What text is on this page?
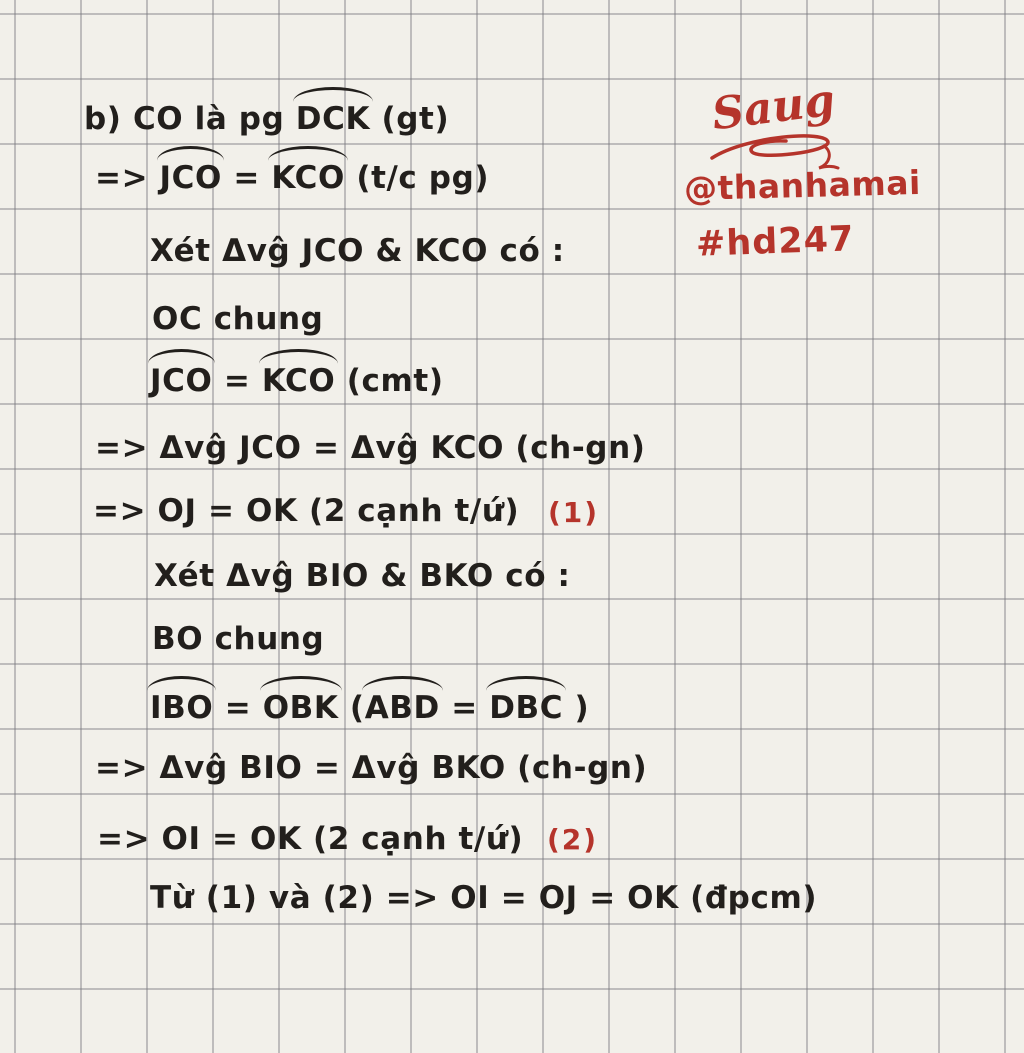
b) CO là pg DCK (gt)
=> JCO = KCO (t/c pg)
Xét Δvĝ JCO & KCO có :
OC chung
JCO = KCO (cmt)
=> Δvĝ JCO = Δvĝ KCO (ch-gn)
=> OJ = OK (2 cạnh t/ứ)
Xét Δvĝ BIO & BKO có :
BO chung
IBO = OBK (ABD = DBC )
=> Δvĝ BIO = Δvĝ BKO (ch-gn)
=> OI = OK (2 cạnh t/ứ)
Từ (1) và (2) => OI = OJ = OK (đpcm)
(1)
(2)
Saug
@thanhamai
#hd247
